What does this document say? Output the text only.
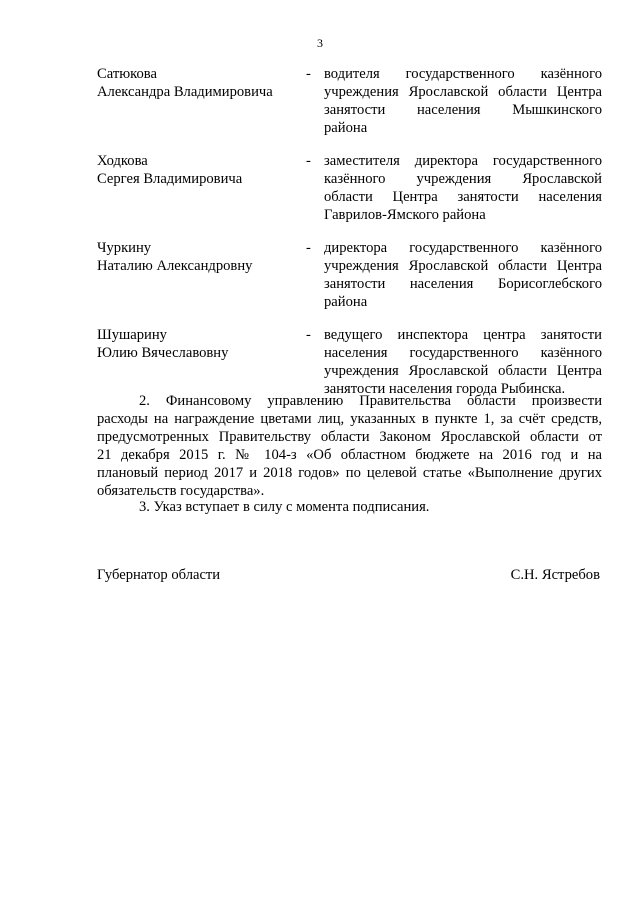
3
Сатюкова
Александра Владимировича
- водителя государственного казённого
учреждения Ярославской области Центра
занятости населения Мышкинского
района
Ходкова
Сергея Владимировича
- заместителя директора государственного
казённого учреждения Ярославской
области Центра занятости населения
Гаврилов-Ямского района
Чуркину
Наталию Александровну
- директора государственного казённого
учреждения Ярославской области Центра
занятости населения Борисоглебского
района
Шушарину
Юлию Вячеславовну
- ведущего инспектора центра занятости
населения государственного казённого
учреждения Ярославской области Центра
занятости населения города Рыбинска.
2. Финансовому управлению Правительства области произвести
расходы на награждение цветами лиц, указанных в пункте 1, за счёт средств,
предусмотренных Правительству области Законом Ярославской области от
21 декабря 2015 г. № 104-з «Об областном бюджете на 2016 год и на
плановый период 2017 и 2018 годов» по целевой статье «Выполнение других
обязательств государства».
3. Указ вступает в силу с момента подписания.
Губернатор области	С.Н. Ястребов
